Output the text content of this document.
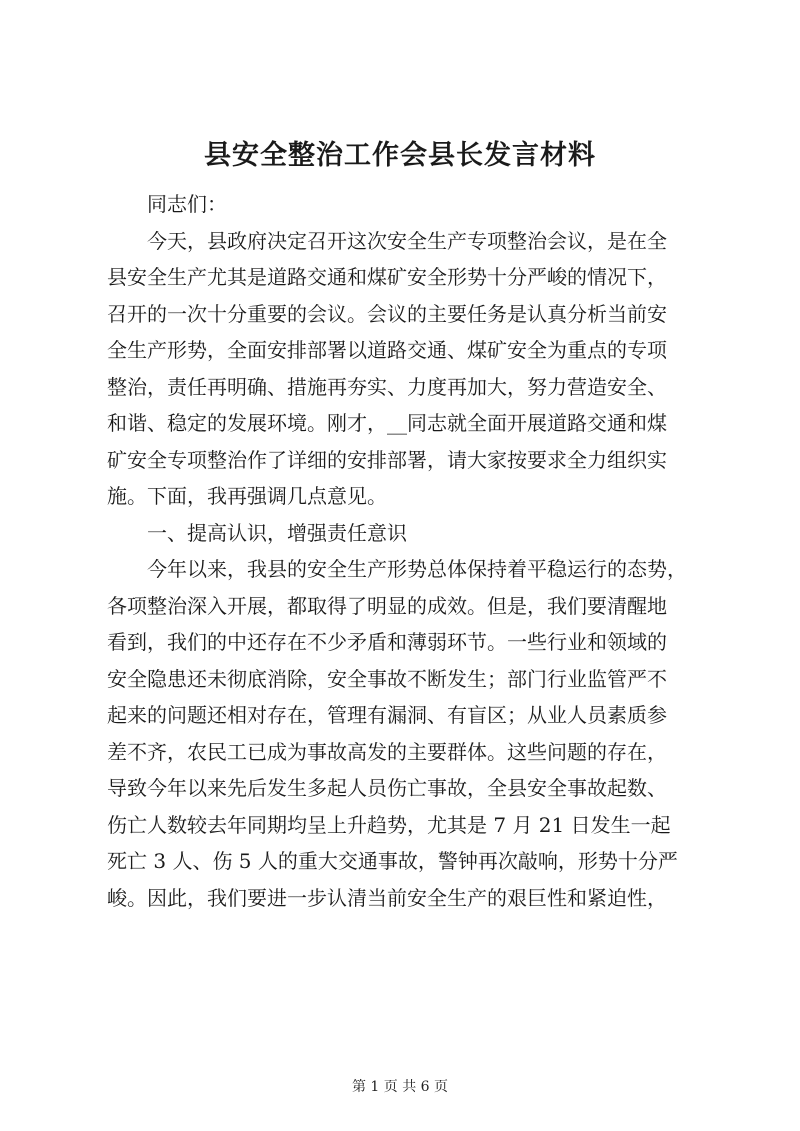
县安全整治工作会县长发言材料
同志们：
今天，县政府决定召开这次安全生产专项整治会议，是在全
县安全生产尤其是道路交通和煤矿安全形势十分严峻的情况下，
召开的一次十分重要的会议。会议的主要任务是认真分析当前安
全生产形势，全面安排部署以道路交通、煤矿安全为重点的专项
整治，责任再明确、措施再夯实、力度再加大，努力营造安全、
和谐、稳定的发展环境。刚才，__同志就全面开展道路交通和煤
矿安全专项整治作了详细的安排部署，请大家按要求全力组织实
施。下面，我再强调几点意见。
一、提高认识，增强责任意识
今年以来，我县的安全生产形势总体保持着平稳运行的态势，
各项整治深入开展，都取得了明显的成效。但是，我们要清醒地
看到，我们的中还存在不少矛盾和薄弱环节。一些行业和领域的
安全隐患还未彻底消除，安全事故不断发生；部门行业监管严不
起来的问题还相对存在，管理有漏洞、有盲区；从业人员素质参
差不齐，农民工已成为事故高发的主要群体。这些问题的存在，
导致今年以来先后发生多起人员伤亡事故，全县安全事故起数、
伤亡人数较去年同期均呈上升趋势，尤其是 7 月 21 日发生一起
死亡 3 人、伤 5 人的重大交通事故，警钟再次敲响，形势十分严
峻。因此，我们要进一步认清当前安全生产的艰巨性和紧迫性，
第 1 页 共 6 页
